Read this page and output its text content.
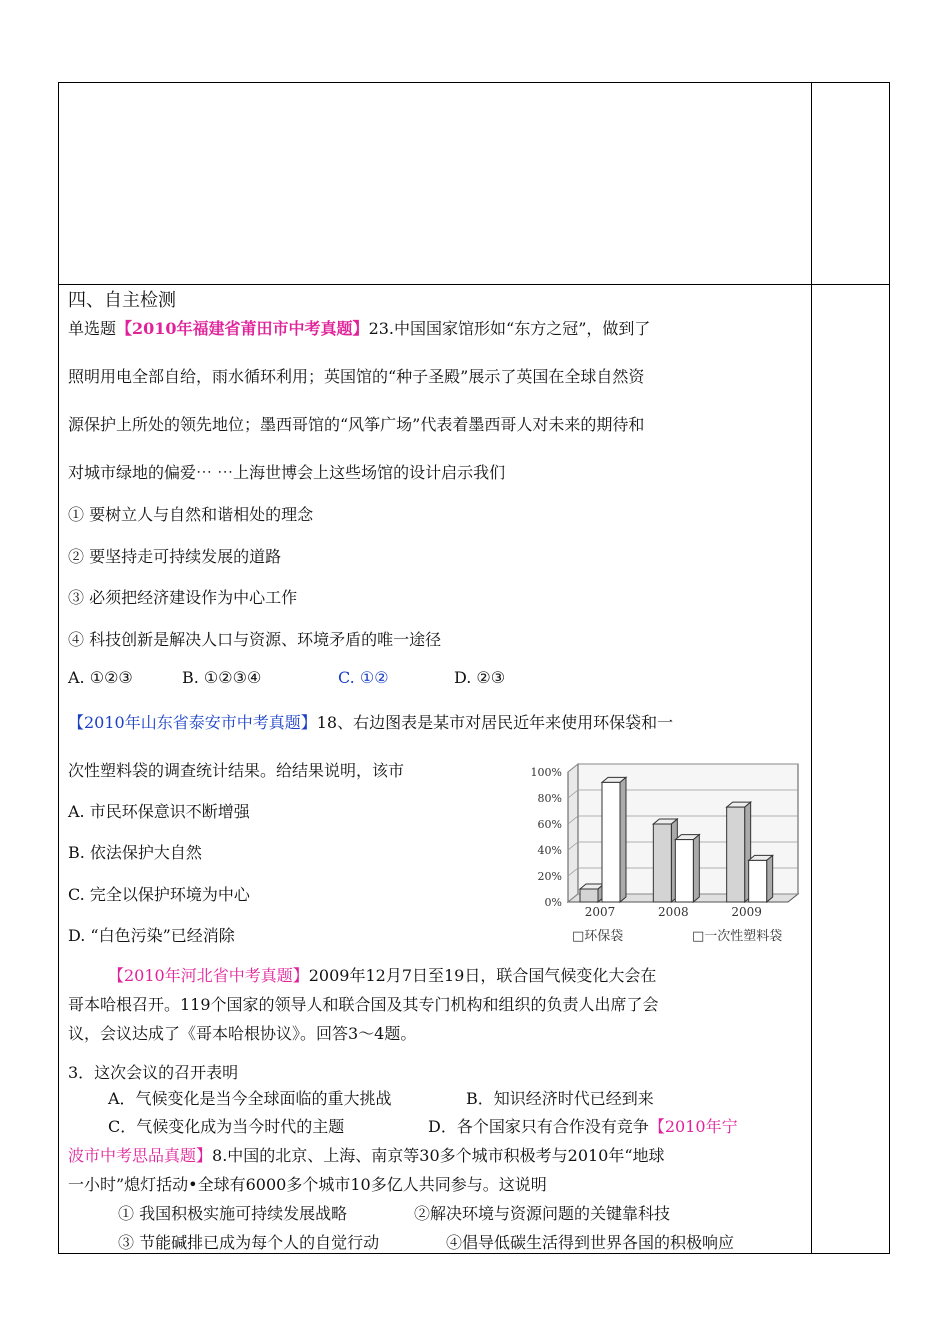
四、自主检测
单选题【2010年福建省莆田市中考真题】23.中国国家馆形如“东方之冠”，做到了
照明用电全部自给，雨水循环利用；英国馆的“种子圣殿”展示了英国在全球自然资
源保护上所处的领先地位；墨西哥馆的“风筝广场”代表着墨西哥人对未来的期待和
对城市绿地的偏爱⋯ ⋯上海世博会上这些场馆的设计启示我们
① 要树立人与自然和谐相处的理念
② 要坚持走可持续发展的道路
③ 必须把经济建设作为中心工作
④ 科技创新是解决人口与资源、环境矛盾的唯一途径
A. ①②③	B. ①②③④	C. ①②	D. ②③
【2010年山东省泰安市中考真题】18、右边图表是某市对居民近年来使用环保袋和一
次性塑料袋的调查统计结果。给结果说明，该市
A. 市民环保意识不断增强
B. 依法保护大自然
C. 完全以保护环境为中心
D. “白色污染”已经消除
【2010年河北省中考真题】2009年12月7日至19日，联合国气候变化大会在
哥本哈根召开。119个国家的领导人和联合国及其专门机构和组织的负责人出席了会
议，会议达成了《哥本哈根协议》。回答3～4题。
3．这次会议的召开表明
A．气候变化是当今全球面临的重大挑战	B．知识经济时代已经到来
C．气候变化成为当今时代的主题	D．各个国家只有合作没有竞争【2010年宁
波市中考思品真题】8.中国的北京、上海、南京等30多个城市积极考与2010年“地球
一小时”熄灯括动•全球有6000多个城市10多亿人共同参与。这说明
① 我国积极实施可持续发展战略	②解决环境与资源问题的关键靠科技
③ 节能碱排已成为每个人的自觉行动	④倡导低碳生活得到世界各国的积极响应
0%
20%
40%
60%
80%
100%
2007	2008	2009
□环保袋	□一次性塑料袋
